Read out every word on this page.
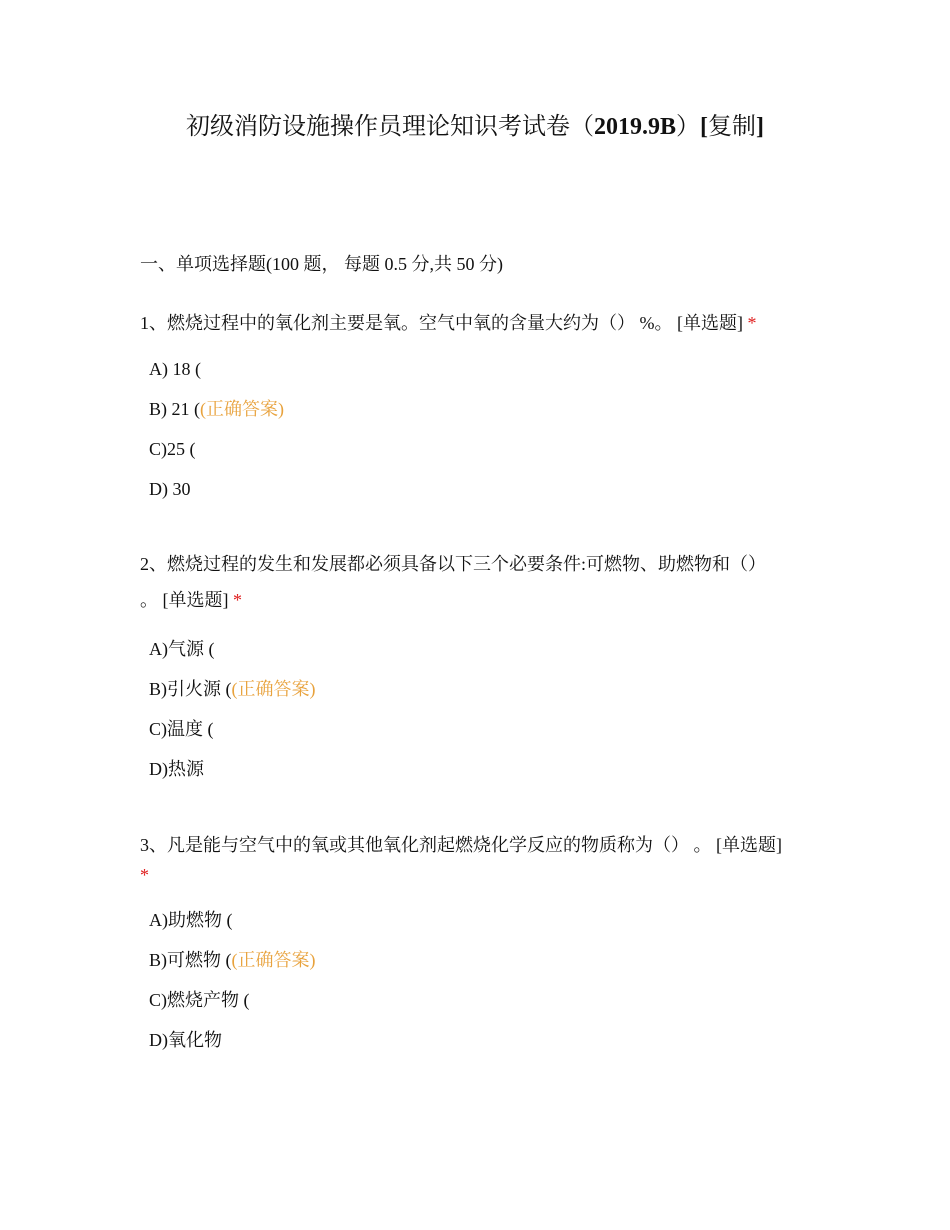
初级消防设施操作员理论知识考试卷（2019.9B）[复制]
一、单项选择题(100 题， 每题 0.5 分,共 50 分)
1、燃烧过程中的氧化剂主要是氧。空气中氧的含量大约为（） %。 [单选题] *
A) 18 (
B) 21 ((正确答案)
C)25 (
D) 30
2、燃烧过程的发生和发展都必须具备以下三个必要条件:可燃物、助燃物和（）
。 [单选题] *
A)气源 (
B)引火源 ((正确答案)
C)温度 (
D)热源
3、凡是能与空气中的氧或其他氧化剂起燃烧化学反应的物质称为（） 。 [单选题]
*
A)助燃物 (
B)可燃物 ((正确答案)
C)燃烧产物 (
D)氧化物
